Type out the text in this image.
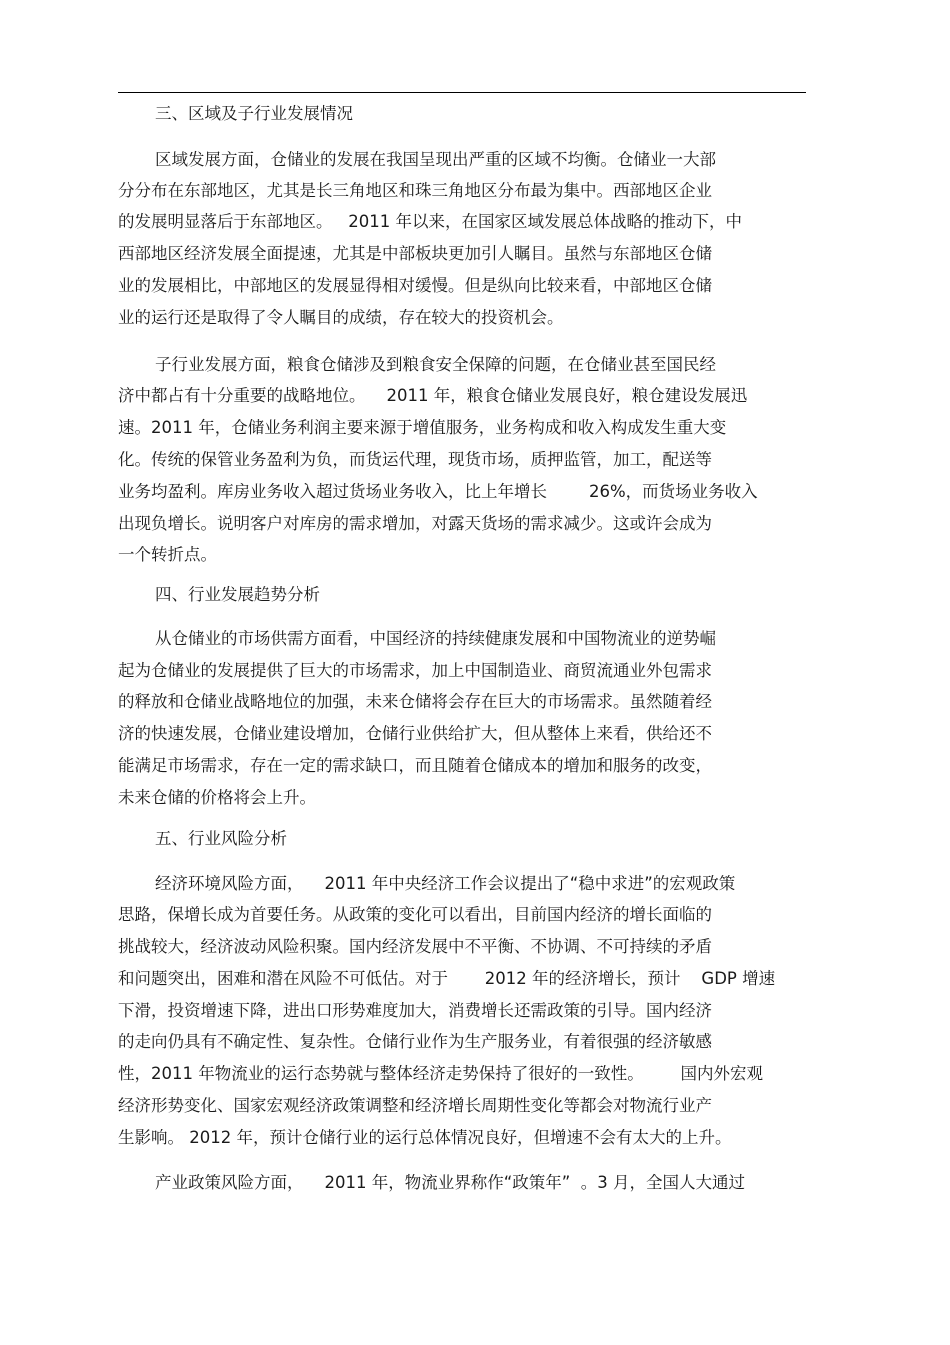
三、区域及子行业发展情况
区域发展方面，仓储业的发展在我国呈现出严重的区域不均衡。仓储业一大部
分分布在东部地区，尤其是长三角地区和珠三角地区分布最为集中。西部地区企业
的发展明显落后于东部地区。   2011 年以来，在国家区域发展总体战略的推动下，中
西部地区经济发展全面提速，尤其是中部板块更加引人瞩目。虽然与东部地区仓储
业的发展相比，中部地区的发展显得相对缓慢。但是纵向比较来看，中部地区仓储
业的运行还是取得了令人瞩目的成绩，存在较大的投资机会。
子行业发展方面，粮食仓储涉及到粮食安全保障的问题，在仓储业甚至国民经
济中都占有十分重要的战略地位。    2011 年，粮食仓储业发展良好，粮仓建设发展迅
速。2011 年，仓储业务利润主要来源于增值服务，业务构成和收入构成发生重大变
化。传统的保管业务盈利为负，而货运代理，现货市场，质押监管，加工，配送等
业务均盈利。库房业务收入超过货场业务收入，比上年增长        26%，而货场业务收入
出现负增长。说明客户对库房的需求增加，对露天货场的需求减少。这或许会成为
一个转折点。
四、行业发展趋势分析
从仓储业的市场供需方面看，中国经济的持续健康发展和中国物流业的逆势崛
起为仓储业的发展提供了巨大的市场需求，加上中国制造业、商贸流通业外包需求
的释放和仓储业战略地位的加强，未来仓储将会存在巨大的市场需求。虽然随着经
济的快速发展，仓储业建设增加，仓储行业供给扩大，但从整体上来看，供给还不
能满足市场需求，存在一定的需求缺口，而且随着仓储成本的增加和服务的改变，
未来仓储的价格将会上升。
五、行业风险分析
经济环境风险方面，    2011 年中央经济工作会议提出了“稳中求进”的宏观政策
思路，保增长成为首要任务。从政策的变化可以看出，目前国内经济的增长面临的
挑战较大，经济波动风险积聚。国内经济发展中不平衡、不协调、不可持续的矛盾
和问题突出，困难和潜在风险不可低估。对于       2012 年的经济增长，预计    GDP 增速
下滑，投资增速下降，进出口形势难度加大，消费增长还需政策的引导。国内经济
的走向仍具有不确定性、复杂性。仓储行业作为生产服务业，有着很强的经济敏感
性，2011 年物流业的运行态势就与整体经济走势保持了很好的一致性。       国内外宏观
经济形势变化、国家宏观经济政策调整和经济增长周期性变化等都会对物流行业产
生影响。 2012 年，预计仓储行业的运行总体情况良好，但增速不会有太大的上升。
产业政策风险方面，    2011 年，物流业界称作“政策年”  。3 月，全国人大通过
